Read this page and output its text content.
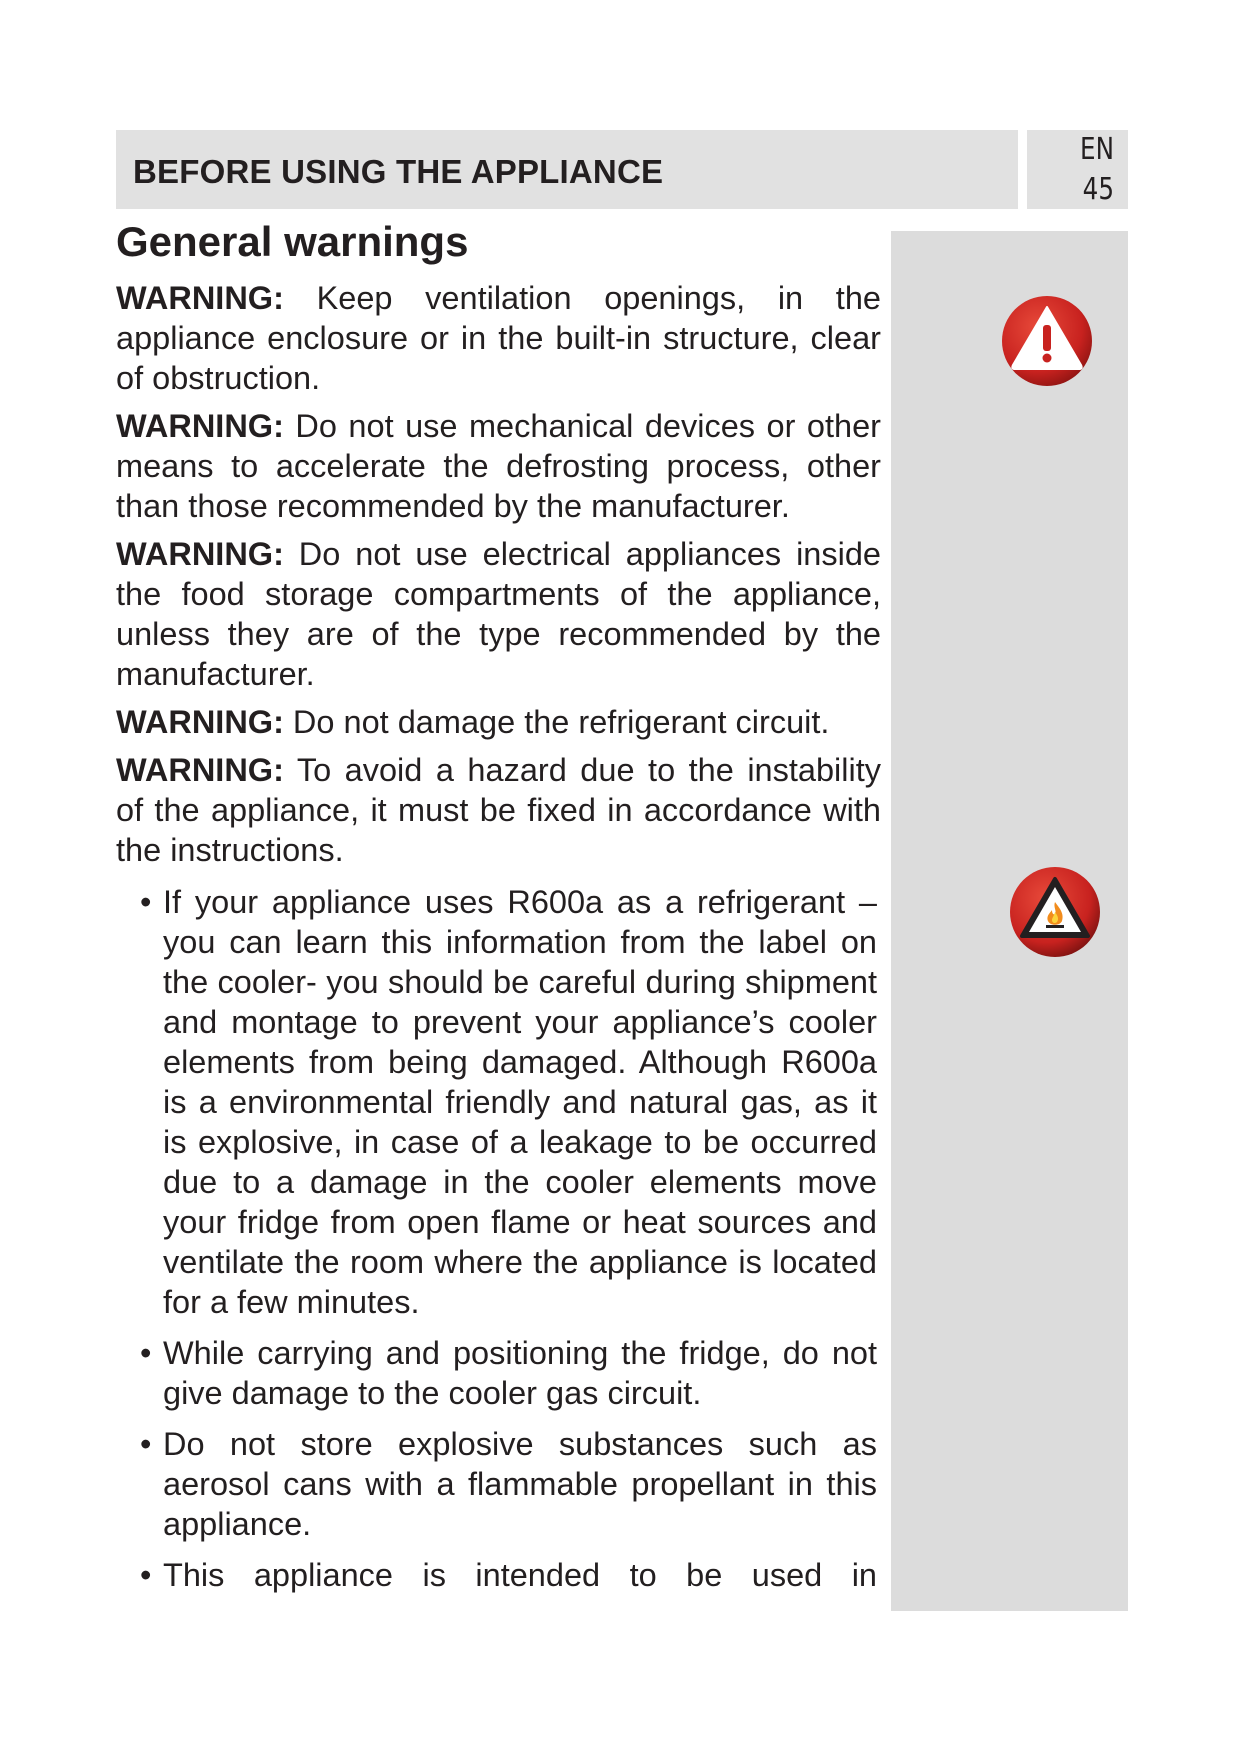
BEFORE USING THE APPLIANCE
EN
45
General warnings

WARNING: Keep ventilation openings, in the appliance enclosure or in the built-in structure, clear of obstruction.

WARNING: Do not use mechanical devices or other means to accelerate the defrosting process, other than those recommended by the manufacturer.

WARNING: Do not use electrical appliances inside the food storage compartments of the appliance, unless they are of the type recommended by the manufacturer.

WARNING: Do not damage the refrigerant circuit.

WARNING: To avoid a hazard due to the instability of the appliance, it must be fixed in accordance with the instructions.

• If your appliance uses R600a as a refrigerant – you can learn this information from the label on the cooler- you should be careful during shipment and montage to prevent your appliance’s cooler elements from being damaged. Although R600a is a environmental friendly and natural gas, as it is explosive, in case of a leakage to be occurred due to a damage in the cooler elements move your fridge from open flame or heat sources and ventilate the room where the appliance is located for a few minutes.
• While carrying and positioning the fridge, do not give damage to the cooler gas circuit.
• Do not store explosive substances such as aerosol cans with a flammable propellant in this appliance.
• This appliance is intended to be used in
